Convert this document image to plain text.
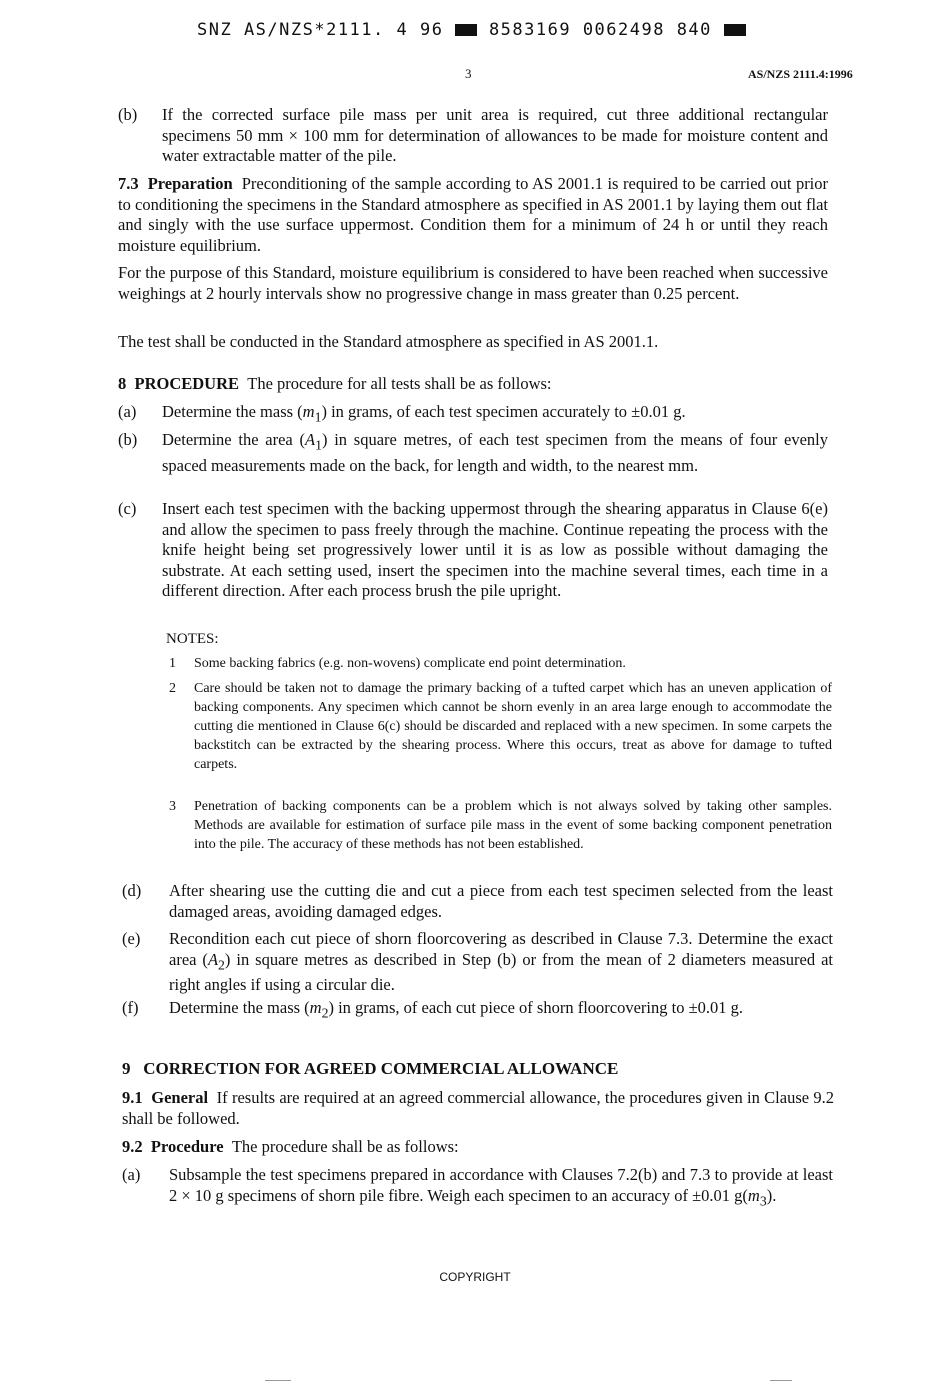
SNZ AS/NZS*2111. 4 96	8583169 0062498 840
3	AS/NZS 2111.4:1996
(b) If the corrected surface pile mass per unit area is required, cut three additional rectangular specimens 50 mm × 100 mm for determination of allowances to be made for moisture content and water extractable matter of the pile.
7.3 Preparation Preconditioning of the sample according to AS 2001.1 is required to be carried out prior to conditioning the specimens in the Standard atmosphere as specified in AS 2001.1 by laying them out flat and singly with the use surface uppermost. Condition them for a minimum of 24 h or until they reach moisture equilibrium.
For the purpose of this Standard, moisture equilibrium is considered to have been reached when successive weighings at 2 hourly intervals show no progressive change in mass greater than 0.25 percent.
The test shall be conducted in the Standard atmosphere as specified in AS 2001.1.
8 PROCEDURE The procedure for all tests shall be as follows:
(a) Determine the mass $(m_1)$ in grams, of each test specimen accurately to ±0.01 g.
(b) Determine the area $(A_1)$ in square metres, of each test specimen from the means of four evenly spaced measurements made on the back, for length and width, to the nearest mm.
(c) Insert each test specimen with the backing uppermost through the shearing apparatus in Clause 6(e) and allow the specimen to pass freely through the machine. Continue repeating the process with the knife height being set progressively lower until it is as low as possible without damaging the substrate. At each setting used, insert the specimen into the machine several times, each time in a different direction. After each process brush the pile upright.
NOTES:
1 Some backing fabrics (e.g. non-wovens) complicate end point determination.
2 Care should be taken not to damage the primary backing of a tufted carpet which has an uneven application of backing components. Any specimen which cannot be shorn evenly in an area large enough to accommodate the cutting die mentioned in Clause 6(c) should be discarded and replaced with a new specimen. In some carpets the backstitch can be extracted by the shearing process. Where this occurs, treat as above for damage to tufted carpets.
3 Penetration of backing components can be a problem which is not always solved by taking other samples. Methods are available for estimation of surface pile mass in the event of some backing component penetration into the pile. The accuracy of these methods has not been established.
(d) After shearing use the cutting die and cut a piece from each test specimen selected from the least damaged areas, avoiding damaged edges.
(e) Recondition each cut piece of shorn floorcovering as described in Clause 7.3. Determine the exact area $(A_2)$ in square metres as described in Step (b) or from the mean of 2 diameters measured at right angles if using a circular die.
(f) Determine the mass $(m_2)$ in grams, of each cut piece of shorn floorcovering to ±0.01 g.
9   CORRECTION FOR AGREED COMMERCIAL ALLOWANCE
9.1 General If results are required at an agreed commercial allowance, the procedures given in Clause 9.2 shall be followed.
9.2 Procedure The procedure shall be as follows:
(a) Subsample the test specimens prepared in accordance with Clauses 7.2(b) and 7.3 to provide at least 2 × 10 g specimens of shorn pile fibre. Weigh each specimen to an accuracy of ±0.01 $g(m_3)$.
COPYRIGHT
